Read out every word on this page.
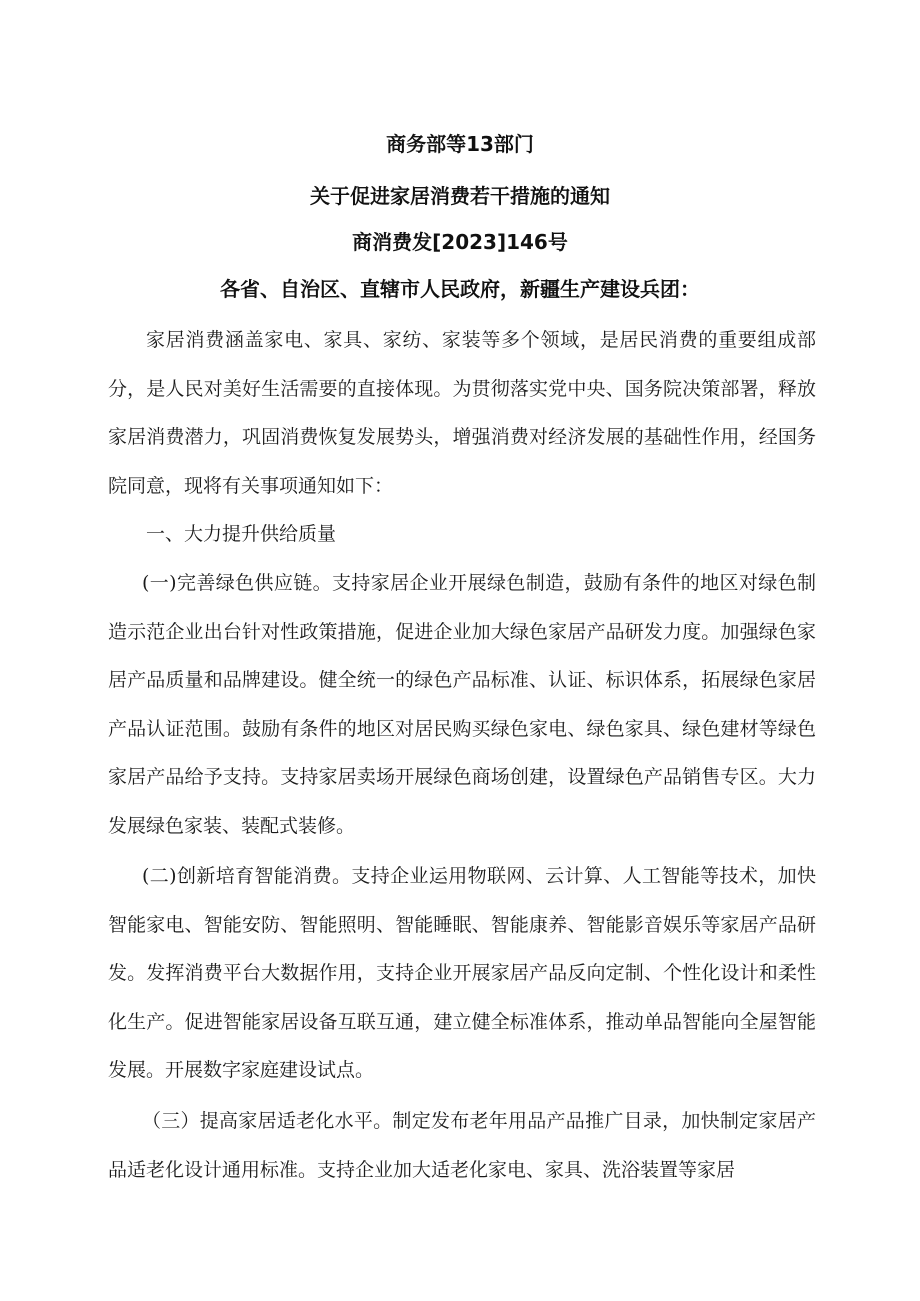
商务部等13部门
关于促进家居消费若干措施的通知
商消费发[2023]146号
各省、自治区、直辖市人民政府，新疆生产建设兵团：

家居消费涵盖家电、家具、家纺、家装等多个领域，是居民消费的重要组成部分，是人民对美好生活需要的直接体现。为贯彻落实党中央、国务院决策部署，释放家居消费潜力，巩固消费恢复发展势头，增强消费对经济发展的基础性作用，经国务院同意，现将有关事项通知如下：

一、大力提升供给质量

(一)完善绿色供应链。支持家居企业开展绿色制造，鼓励有条件的地区对绿色制造示范企业出台针对性政策措施，促进企业加大绿色家居产品研发力度。加强绿色家居产品质量和品牌建设。健全统一的绿色产品标准、认证、标识体系，拓展绿色家居产品认证范围。鼓励有条件的地区对居民购买绿色家电、绿色家具、绿色建材等绿色家居产品给予支持。支持家居卖场开展绿色商场创建，设置绿色产品销售专区。大力发展绿色家装、装配式装修。

(二)创新培育智能消费。支持企业运用物联网、云计算、人工智能等技术，加快智能家电、智能安防、智能照明、智能睡眠、智能康养、智能影音娱乐等家居产品研发。发挥消费平台大数据作用，支持企业开展家居产品反向定制、个性化设计和柔性化生产。促进智能家居设备互联互通，建立健全标准体系，推动单品智能向全屋智能发展。开展数字家庭建设试点。

（三）提高家居适老化水平。制定发布老年用品产品推广目录，加快制定家居产品适老化设计通用标准。支持企业加大适老化家电、家具、洗浴装置等家居
